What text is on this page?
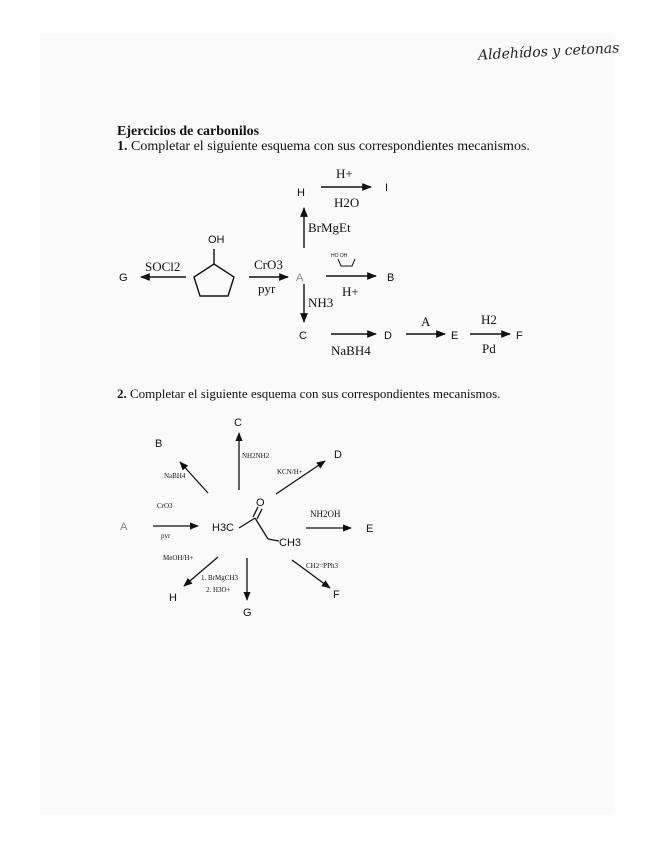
Aldehídos y cetonas
Ejercicios de carbonilos
1. Completar el siguiente esquema con sus correspondientes mecanismos.
OH
G	A	B
H	I
C	D	E	F
SOCl2	CrO3
pyr
H+
H2O
BrMgEt
HO OH
H+
NH3
NaBH4
A	H2
Pd
2. Completar el siguiente esquema con sus correspondientes mecanismos.
H3C
O
CH3
A
B
C
D
E
F
G
H
CrO3
pyr
NaBH4
NH2NH2
KCN/H+
NH2OH
CH2=PPh3
MeOH/H+
1. BrMgCH3
2. H3O+
